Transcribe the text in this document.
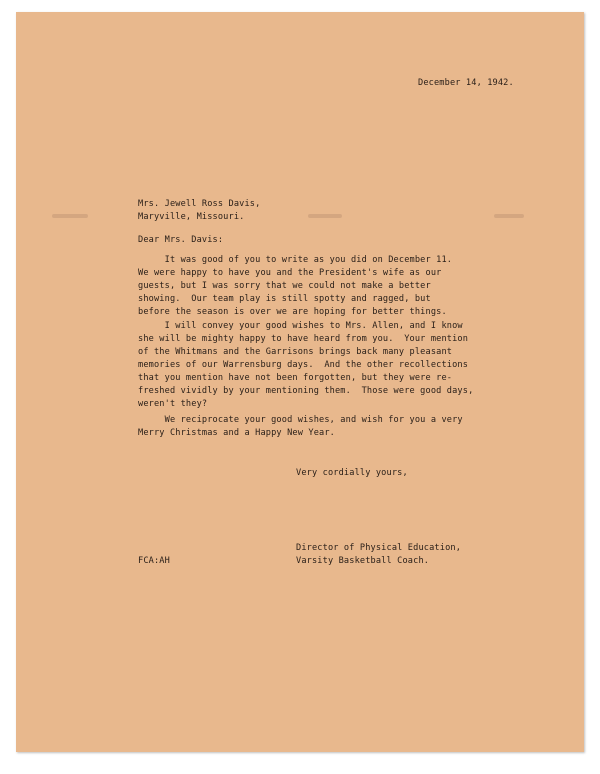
December 14, 1942.
Mrs. Jewell Ross Davis,
Maryville, Missouri.
Dear Mrs. Davis:
It was good of you to write as you did on December 11.
We were happy to have you and the President's wife as our
guests, but I was sorry that we could not make a better
showing.  Our team play is still spotty and ragged, but
before the season is over we are hoping for better things.
I will convey your good wishes to Mrs. Allen, and I know
she will be mighty happy to have heard from you.  Your mention
of the Whitmans and the Garrisons brings back many pleasant
memories of our Warrensburg days.  And the other recollections
that you mention have not been forgotten, but they were re-
freshed vividly by your mentioning them.  Those were good days,
weren't they?
We reciprocate your good wishes, and wish for you a very
Merry Christmas and a Happy New Year.
Very cordially yours,
Director of Physical Education,
Varsity Basketball Coach.
FCA:AH
